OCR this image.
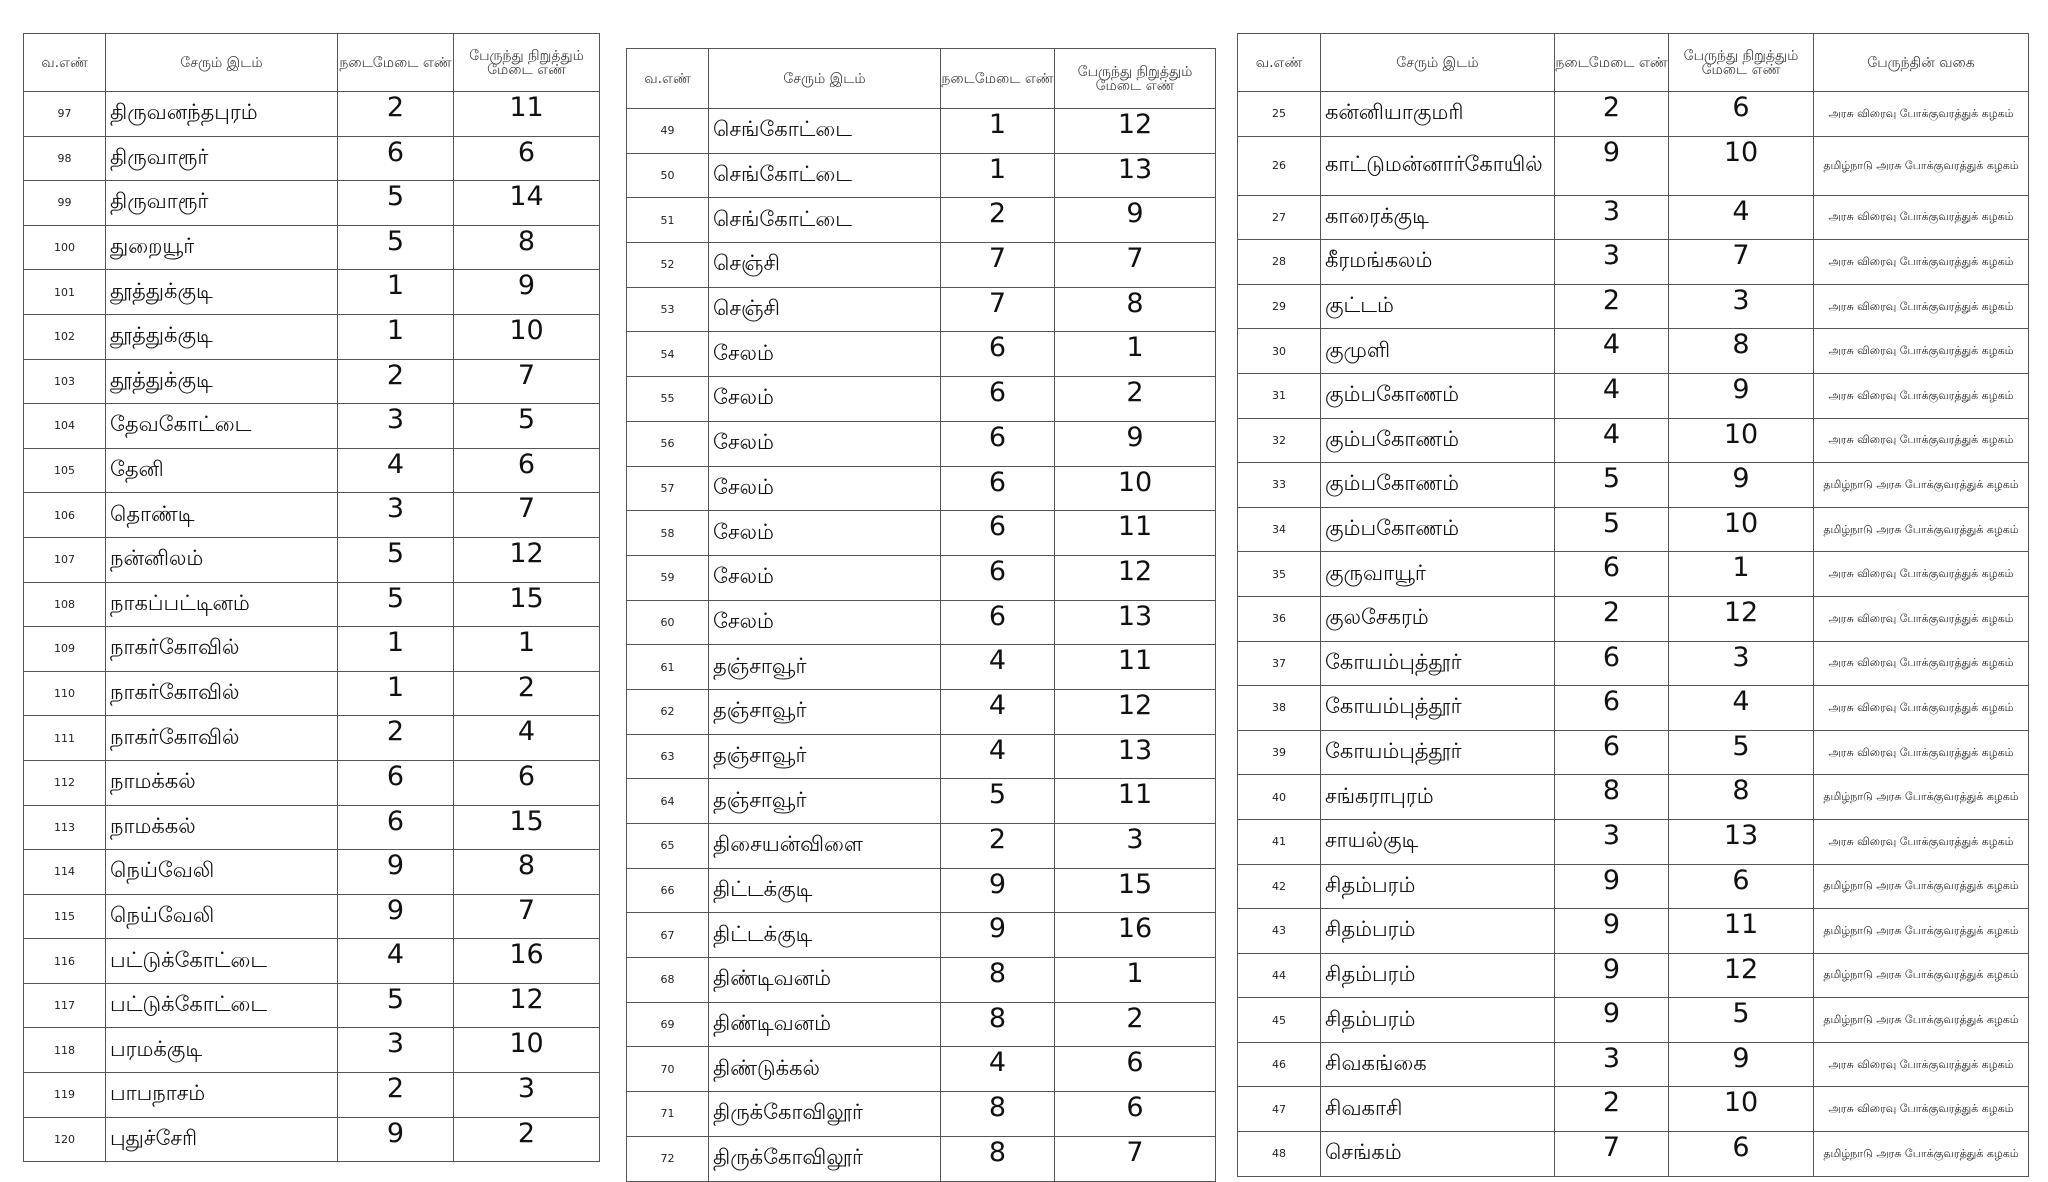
வ.எண்	சேரும் இடம்	நடைமேடை எண்	பேருந்து நிறுத்தும் மேடை எண்
97	திருவனந்தபுரம்	2	11
98	திருவாரூர்	6	6
99	திருவாரூர்	5	14
100	துறையூர்	5	8
101	தூத்துக்குடி	1	9
102	தூத்துக்குடி	1	10
103	தூத்துக்குடி	2	7
104	தேவகோட்டை	3	5
105	தேனி	4	6
106	தொண்டி	3	7
107	நன்னிலம்	5	12
108	நாகப்பட்டினம்	5	15
109	நாகர்கோவில்	1	1
110	நாகர்கோவில்	1	2
111	நாகர்கோவில்	2	4
112	நாமக்கல்	6	6
113	நாமக்கல்	6	15
114	நெய்வேலி	9	8
115	நெய்வேலி	9	7
116	பட்டுக்கோட்டை	4	16
117	பட்டுக்கோட்டை	5	12
118	பரமக்குடி	3	10
119	பாபநாசம்	2	3
120	புதுச்சேரி	9	2
வ.எண்	சேரும் இடம்	நடைமேடை எண்	பேருந்து நிறுத்தும் மேடை எண்
49	செங்கோட்டை	1	12
50	செங்கோட்டை	1	13
51	செங்கோட்டை	2	9
52	செஞ்சி	7	7
53	செஞ்சி	7	8
54	சேலம்	6	1
55	சேலம்	6	2
56	சேலம்	6	9
57	சேலம்	6	10
58	சேலம்	6	11
59	சேலம்	6	12
60	சேலம்	6	13
61	தஞ்சாவூர்	4	11
62	தஞ்சாவூர்	4	12
63	தஞ்சாவூர்	4	13
64	தஞ்சாவூர்	5	11
65	திசையன்விளை	2	3
66	திட்டக்குடி	9	15
67	திட்டக்குடி	9	16
68	திண்டிவனம்	8	1
69	திண்டிவனம்	8	2
70	திண்டுக்கல்	4	6
71	திருக்கோவிலூர்	8	6
72	திருக்கோவிலூர்	8	7
வ.எண்	சேரும் இடம்	நடைமேடை எண்	பேருந்து நிறுத்தும் மேடை எண்	பேருந்தின் வகை
25	கன்னியாகுமரி	2	6	அரசு விரைவு போக்குவரத்துக் கழகம்
26	காட்டுமன்னார்கோயில்	9	10	தமிழ்நாடு அரசு போக்குவரத்துக் கழகம்
27	காரைக்குடி	3	4	அரசு விரைவு போக்குவரத்துக் கழகம்
28	கீரமங்கலம்	3	7	அரசு விரைவு போக்குவரத்துக் கழகம்
29	குட்டம்	2	3	அரசு விரைவு போக்குவரத்துக் கழகம்
30	குமுளி	4	8	அரசு விரைவு போக்குவரத்துக் கழகம்
31	கும்பகோணம்	4	9	அரசு விரைவு போக்குவரத்துக் கழகம்
32	கும்பகோணம்	4	10	அரசு விரைவு போக்குவரத்துக் கழகம்
33	கும்பகோணம்	5	9	தமிழ்நாடு அரசு போக்குவரத்துக் கழகம்
34	கும்பகோணம்	5	10	தமிழ்நாடு அரசு போக்குவரத்துக் கழகம்
35	குருவாயூர்	6	1	அரசு விரைவு போக்குவரத்துக் கழகம்
36	குலசேகரம்	2	12	அரசு விரைவு போக்குவரத்துக் கழகம்
37	கோயம்புத்தூர்	6	3	அரசு விரைவு போக்குவரத்துக் கழகம்
38	கோயம்புத்தூர்	6	4	அரசு விரைவு போக்குவரத்துக் கழகம்
39	கோயம்புத்தூர்	6	5	அரசு விரைவு போக்குவரத்துக் கழகம்
40	சங்கராபுரம்	8	8	தமிழ்நாடு அரசு போக்குவரத்துக் கழகம்
41	சாயல்குடி	3	13	அரசு விரைவு போக்குவரத்துக் கழகம்
42	சிதம்பரம்	9	6	தமிழ்நாடு அரசு போக்குவரத்துக் கழகம்
43	சிதம்பரம்	9	11	தமிழ்நாடு அரசு போக்குவரத்துக் கழகம்
44	சிதம்பரம்	9	12	தமிழ்நாடு அரசு போக்குவரத்துக் கழகம்
45	சிதம்பரம்	9	5	தமிழ்நாடு அரசு போக்குவரத்துக் கழகம்
46	சிவகங்கை	3	9	அரசு விரைவு போக்குவரத்துக் கழகம்
47	சிவகாசி	2	10	அரசு விரைவு போக்குவரத்துக் கழகம்
48	செங்கம்	7	6	தமிழ்நாடு அரசு போக்குவரத்துக் கழகம்
